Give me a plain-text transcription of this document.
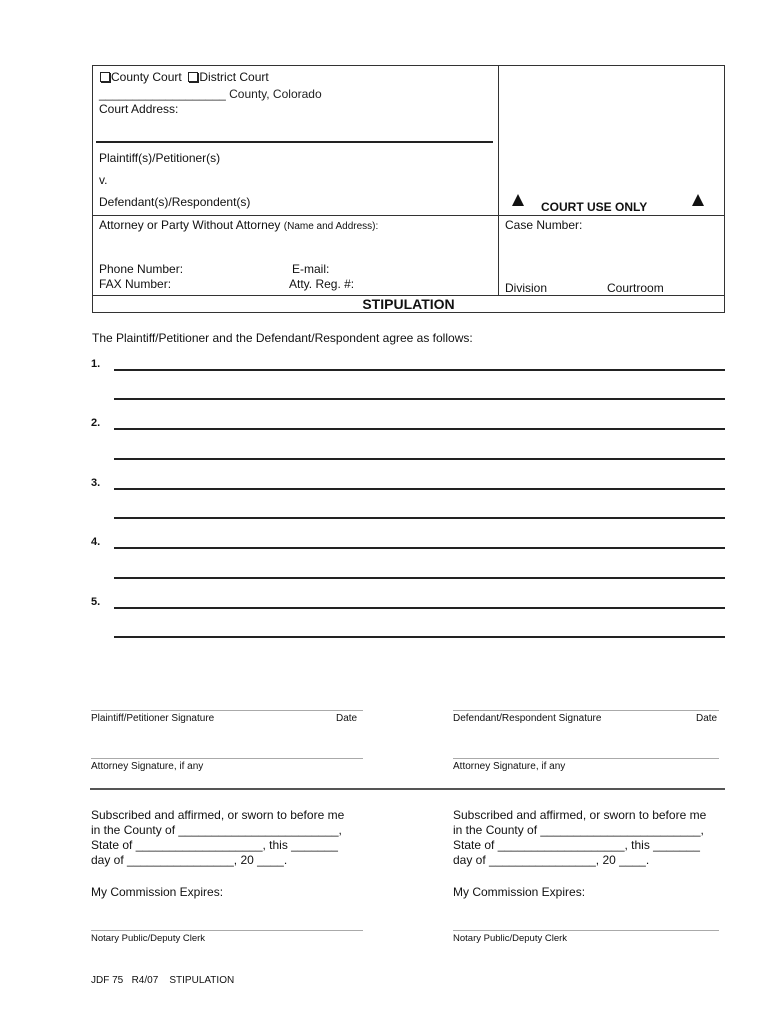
County Court District Court
___________________ County, Colorado
Court Address:
Plaintiff(s)/Petitioner(s)
v.
Defendant(s)/Respondent(s)
Attorney or Party Without Attorney (Name and Address):
Phone Number:	E-mail:
FAX Number:	Atty. Reg. #:
COURT USE ONLY
Case Number:
Division	Courtroom
STIPULATION
The Plaintiff/Petitioner and the Defendant/Respondent agree as follows:
1.
2.
3.
4.
5.
Plaintiff/Petitioner Signature	Date	Defendant/Respondent Signature	Date
Attorney Signature, if any	Attorney Signature, if any
Subscribed and affirmed, or sworn to before me
in the County of ________________________,
State of ___________________, this _______
day of ________________, 20 ____.
My Commission Expires:
Notary Public/Deputy Clerk
Subscribed and affirmed, or sworn to before me
in the County of ________________________,
State of ___________________, this _______
day of ________________, 20 ____.
My Commission Expires:
Notary Public/Deputy Clerk
JDF 75   R4/07    STIPULATION
